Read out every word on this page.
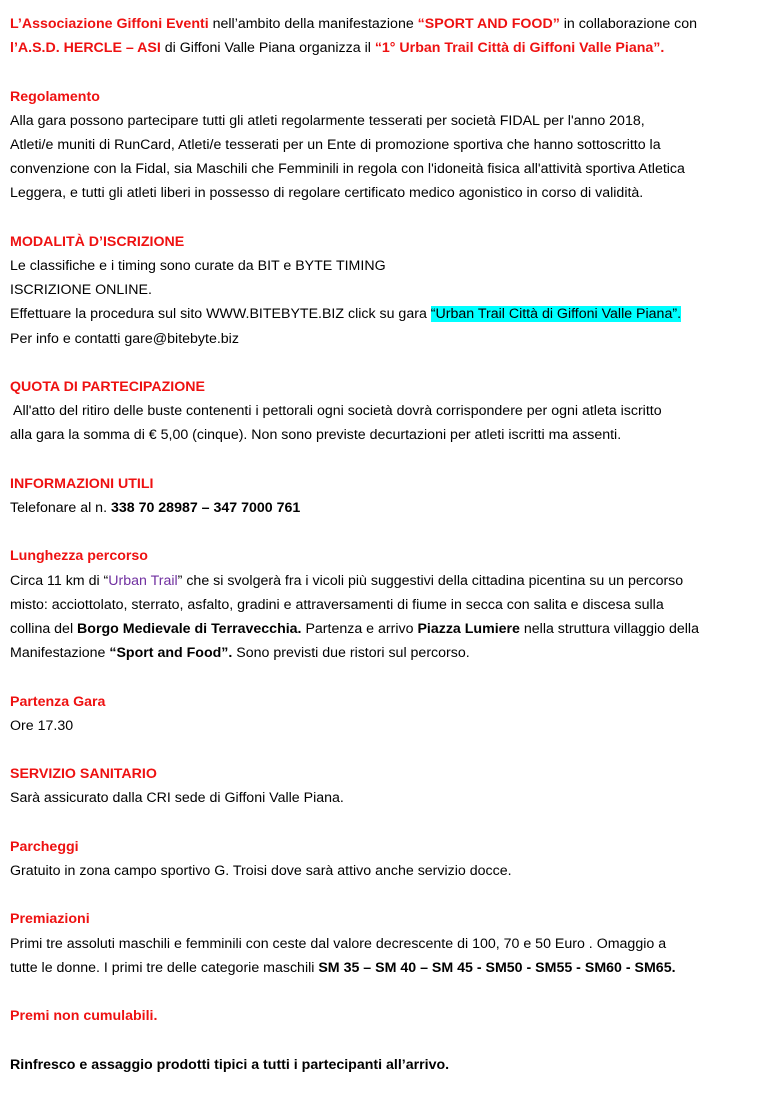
L’Associazione Giffoni Eventi nell’ambito della manifestazione “SPORT AND FOOD” in collaborazione con
l’A.S.D. HERCLE – ASI di Giffoni Valle Piana organizza il “1° Urban Trail Città di Giffoni Valle Piana”.

Regolamento

Alla gara possono partecipare tutti gli atleti regolarmente tesserati per società FIDAL per l'anno 2018,

Atleti/e muniti di RunCard, Atleti/e tesserati per un Ente di promozione sportiva che hanno sottoscritto la

convenzione con la Fidal, sia Maschili che Femminili in regola con l'idoneità fisica all'attività sportiva Atletica

Leggera, e tutti gli atleti liberi in possesso di regolare certificato medico agonistico in corso di validità.

MODALITÀ D’ISCRIZIONE

Le classifiche e i timing sono curate da BIT e BYTE TIMING

ISCRIZIONE ONLINE.

Effettuare la procedura sul sito WWW.BITEBYTE.BIZ click su gara “Urban Trail Città di Giffoni Valle Piana”.

Per info e contatti gare@bitebyte.biz

QUOTA DI PARTECIPAZIONE

All'atto del ritiro delle buste contenenti i pettorali ogni società dovrà corrispondere per ogni atleta iscritto

alla gara la somma di € 5,00 (cinque). Non sono previste decurtazioni per atleti iscritti ma assenti.

INFORMAZIONI UTILI

Telefonare al n. 338 70 28987 – 347 7000 761

Lunghezza percorso

Circa 11 km di “Urban Trail” che si svolgerà fra i vicoli più suggestivi della cittadina picentina su un percorso

misto: acciottolato, sterrato, asfalto, gradini e attraversamenti di fiume in secca con salita e discesa sulla

collina del Borgo Medievale di Terravecchia. Partenza e arrivo Piazza Lumiere nella struttura villaggio della

Manifestazione “Sport and Food”. Sono previsti due ristori sul percorso.

Partenza Gara

Ore 17.30

SERVIZIO SANITARIO

Sarà assicurato dalla CRI sede di Giffoni Valle Piana.

Parcheggi

Gratuito in zona campo sportivo G. Troisi dove sarà attivo anche servizio docce.

Premiazioni

Primi tre assoluti maschili e femminili con ceste dal valore decrescente di 100, 70 e 50 Euro . Omaggio a

tutte le donne. I primi tre delle categorie maschili SM 35 – SM 40 – SM 45 - SM50 - SM55 - SM60 - SM65.

Premi non cumulabili.

Rinfresco e assaggio prodotti tipici a tutti i partecipanti all’arrivo.
